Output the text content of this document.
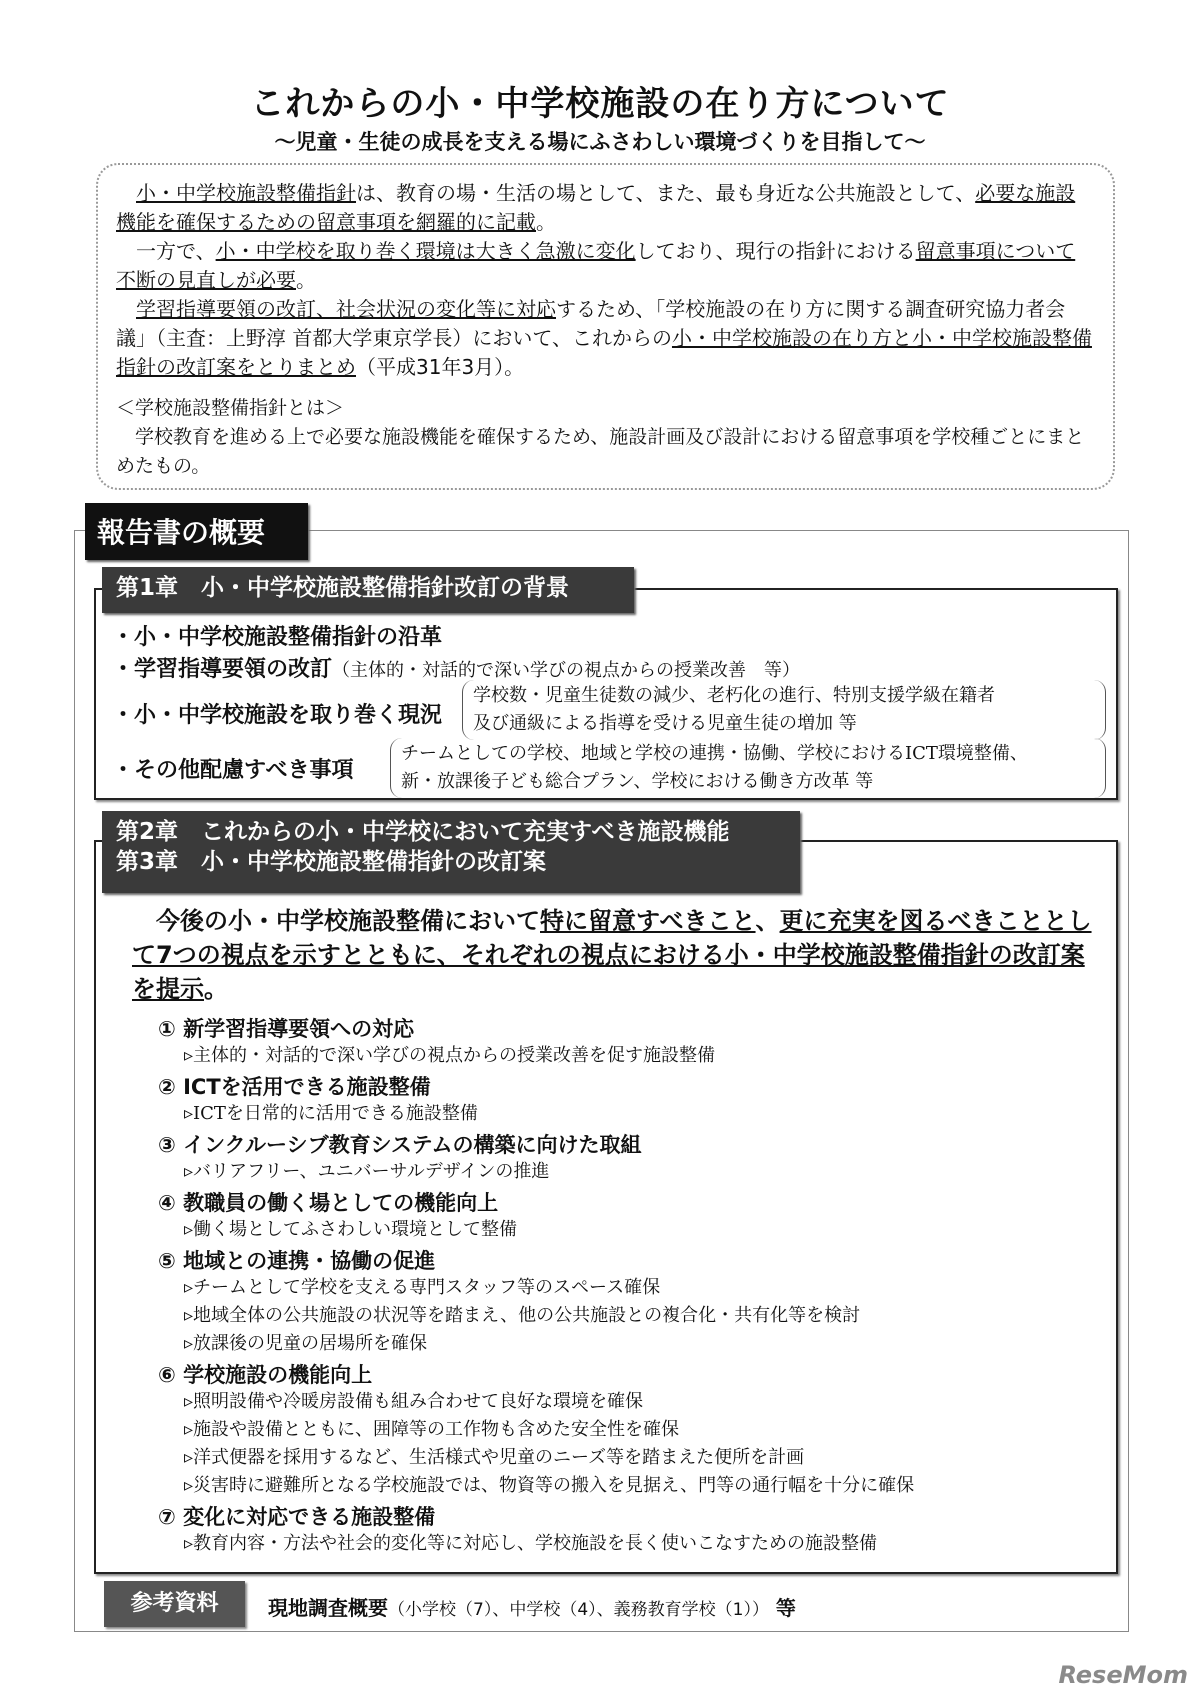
これからの小・中学校施設の在り方について
～児童・生徒の成長を支える場にふさわしい環境づくりを目指して～

小・中学校施設整備指針は、教育の場・生活の場として、また、最も身近な公共施設として、必要な施設機能を確保するための留意事項を網羅的に記載。

一方で、小・中学校を取り巻く環境は大きく急激に変化しており、現行の指針における留意事項について不断の見直しが必要。

学習指導要領の改訂、社会状況の変化等に対応するため、「学校施設の在り方に関する調査研究協力者会議」（主査：上野淳 首都大学東京学長）において、これからの小・中学校施設の在り方と小・中学校施設整備指針の改訂案をとりまとめ（平成31年3月）。

＜学校施設整備指針とは＞
学校教育を進める上で必要な施設機能を確保するため、施設計画及び設計における留意事項を学校種ごとにまとめたもの。
報告書の概要
第1章　小・中学校施設整備指針改訂の背景
・小・中学校施設整備指針の沿革
・学習指導要領の改訂（主体的・対話的で深い学びの視点からの授業改善　等）
・小・中学校施設を取り巻く現況
学校数・児童生徒数の減少、老朽化の進行、特別支援学級在籍者
及び通級による指導を受ける児童生徒の増加 等
・その他配慮すべき事項
チームとしての学校、地域と学校の連携・協働、学校におけるICT環境整備、
新・放課後子ども総合プラン、学校における働き方改革 等
第2章　これからの小・中学校において充実すべき施設機能
第3章　小・中学校施設整備指針の改訂案
今後の小・中学校施設整備において特に留意すべきこと、更に充実を図るべきこととして7つの視点を示すとともに、それぞれの視点における小・中学校施設整備指針の改訂案を提示。
① 新学習指導要領への対応
▹主体的・対話的で深い学びの視点からの授業改善を促す施設整備
② ICTを活用できる施設整備
▹ICTを日常的に活用できる施設整備
③ インクルーシブ教育システムの構築に向けた取組
▹バリアフリー、ユニバーサルデザインの推進
④ 教職員の働く場としての機能向上
▹働く場としてふさわしい環境として整備
⑤ 地域との連携・協働の促進
▹チームとして学校を支える専門スタッフ等のスペース確保
▹地域全体の公共施設の状況等を踏まえ、他の公共施設との複合化・共有化等を検討
▹放課後の児童の居場所を確保
⑥ 学校施設の機能向上
▹照明設備や冷暖房設備も組み合わせて良好な環境を確保
▹施設や設備とともに、囲障等の工作物も含めた安全性を確保
▹洋式便器を採用するなど、生活様式や児童のニーズ等を踏まえた便所を計画
▹災害時に避難所となる学校施設では、物資等の搬入を見据え、門等の通行幅を十分に確保
⑦ 変化に対応できる施設整備
▹教育内容・方法や社会的変化等に対応し、学校施設を長く使いこなすための施設整備
参考資料	現地調査概要（小学校（7）、中学校（4）、義務教育学校（1）） 等
ReseMom
